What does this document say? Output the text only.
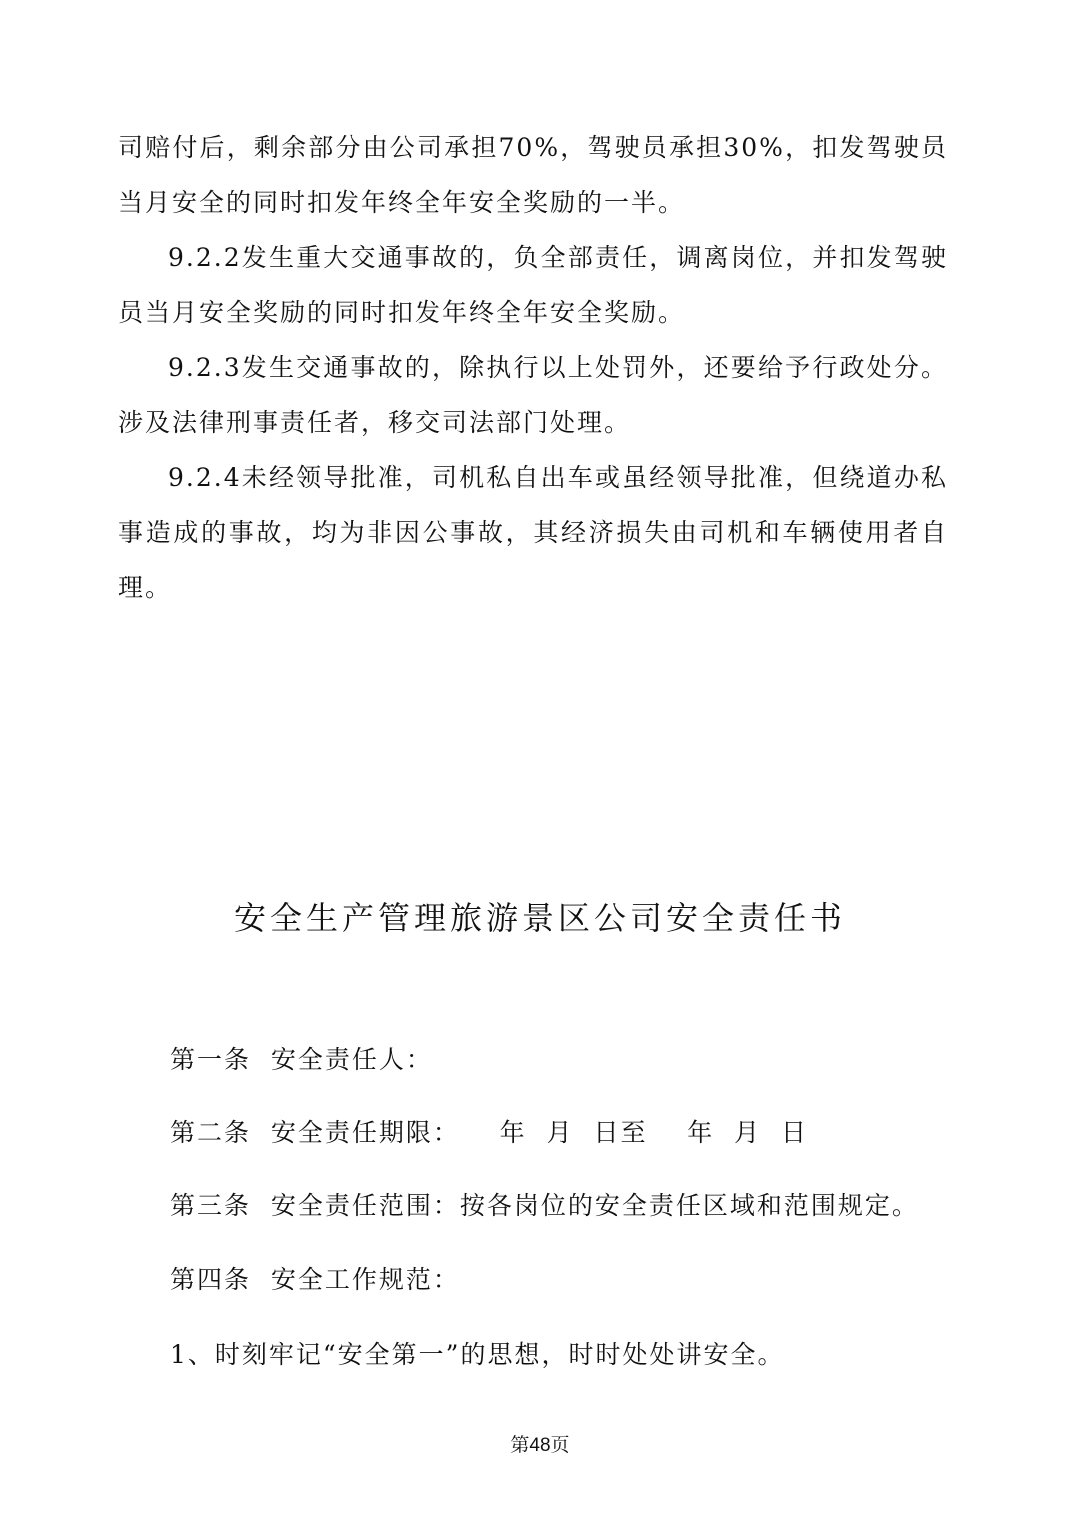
司赔付后，剩余部分由公司承担70%，驾驶员承担30%，扣发驾驶员当月安全的同时扣发年终全年安全奖励的一半。

9.2.2发生重大交通事故的，负全部责任，调离岗位，并扣发驾驶员当月安全奖励的同时扣发年终全年安全奖励。

9.2.3发生交通事故的，除执行以上处罚外，还要给予行政处分。涉及法律刑事责任者，移交司法部门处理。

9.2.4未经领导批准，司机私自出车或虽经领导批准，但绕道办私事造成的事故，均为非因公事故，其经济损失由司机和车辆使用者自理。

安全生产管理旅游景区公司安全责任书

第一条  安全责任人：

第二条  安全责任期限：    年  月  日至    年  月  日

第三条  安全责任范围：按各岗位的安全责任区域和范围规定。

第四条  安全工作规范：

1、时刻牢记“安全第一”的思想，时时处处讲安全。

第48页
